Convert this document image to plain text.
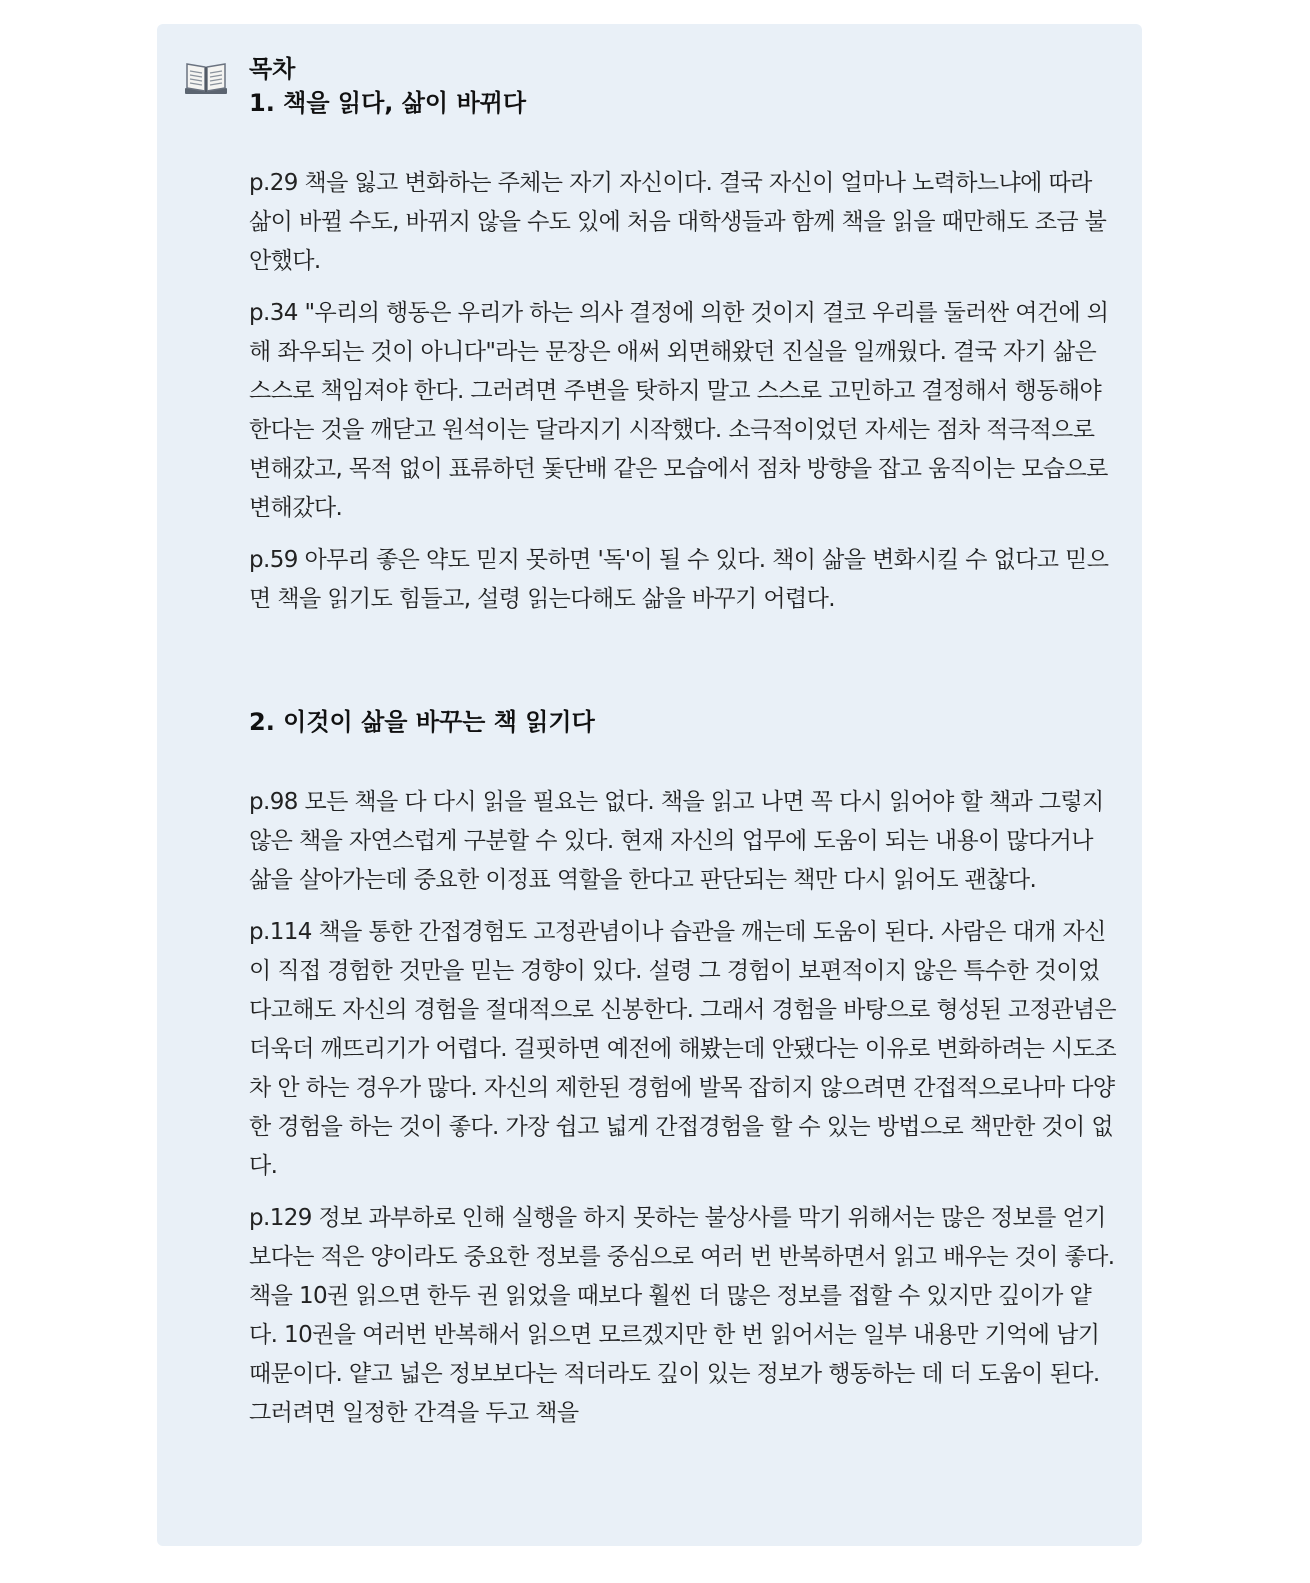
목차

1. 책을 읽다, 삶이 바뀌다

p.29 책을 잃고 변화하는 주체는 자기 자신이다. 결국 자신이 얼마나 노력하느냐에 따라 삶이 바뀔 수도, 바뀌지 않을 수도 있에 처음 대학생들과 함께 책을 읽을 때만해도 조금 불안했다.

p.34 "우리의 행동은 우리가 하는 의사 결정에 의한 것이지 결코 우리를 둘러싼 여건에 의해 좌우되는 것이 아니다"라는 문장은 애써 외면해왔던 진실을 일깨웠다. 결국 자기 삶은 스스로 책임져야 한다. 그러려면 주변을 탓하지 말고 스스로 고민하고 결정해서 행동해야 한다는 것을 깨닫고 원석이는 달라지기 시작했다. 소극적이었던 자세는 점차 적극적으로 변해갔고, 목적 없이 표류하던 돛단배 같은 모습에서 점차 방향을 잡고 움직이는 모습으로 변해갔다.

p.59 아무리 좋은 약도 믿지 못하면 '독'이 될 수 있다. 책이 삶을 변화시킬 수 없다고 믿으면 책을 읽기도 힘들고, 설령 읽는다해도 삶을 바꾸기 어렵다.

2. 이것이 삶을 바꾸는 책 읽기다

p.98 모든 책을 다 다시 읽을 필요는 없다. 책을 읽고 나면 꼭 다시 읽어야 할 책과 그렇지 않은 책을 자연스럽게 구분할 수 있다. 현재 자신의 업무에 도움이 되는 내용이 많다거나 삶을 살아가는데 중요한 이정표 역할을 한다고 판단되는 책만 다시 읽어도 괜찮다.

p.114 책을 통한 간접경험도 고정관념이나 습관을 깨는데 도움이 된다. 사람은 대개 자신이 직접 경험한 것만을 믿는 경향이 있다. 설령 그 경험이 보편적이지 않은 특수한 것이었다고해도 자신의 경험을 절대적으로 신봉한다. 그래서 경험을 바탕으로 형성된 고정관념은 더욱더 깨뜨리기가 어렵다. 걸핏하면 예전에 해봤는데 안됐다는 이유로 변화하려는 시도조차 안 하는 경우가 많다. 자신의 제한된 경험에 발목 잡히지 않으려면 간접적으로나마 다양한 경험을 하는 것이 좋다. 가장 쉽고 넓게 간접경험을 할 수 있는 방법으로 책만한 것이 없다.

p.129 정보 과부하로 인해 실행을 하지 못하는 불상사를 막기 위해서는 많은 정보를 얻기보다는 적은 양이라도 중요한 정보를 중심으로 여러 번 반복하면서 읽고 배우는 것이 좋다. 책을 10권 읽으면 한두 권 읽었을 때보다 훨씬 더 많은 정보를 접할 수 있지만 깊이가 얕다. 10권을 여러번 반복해서 읽으면 모르겠지만 한 번 읽어서는 일부 내용만 기억에 남기 때문이다. 얕고 넓은 정보보다는 적더라도 깊이 있는 정보가 행동하는 데 더 도움이 된다. 그러려면 일정한 간격을 두고 책을
